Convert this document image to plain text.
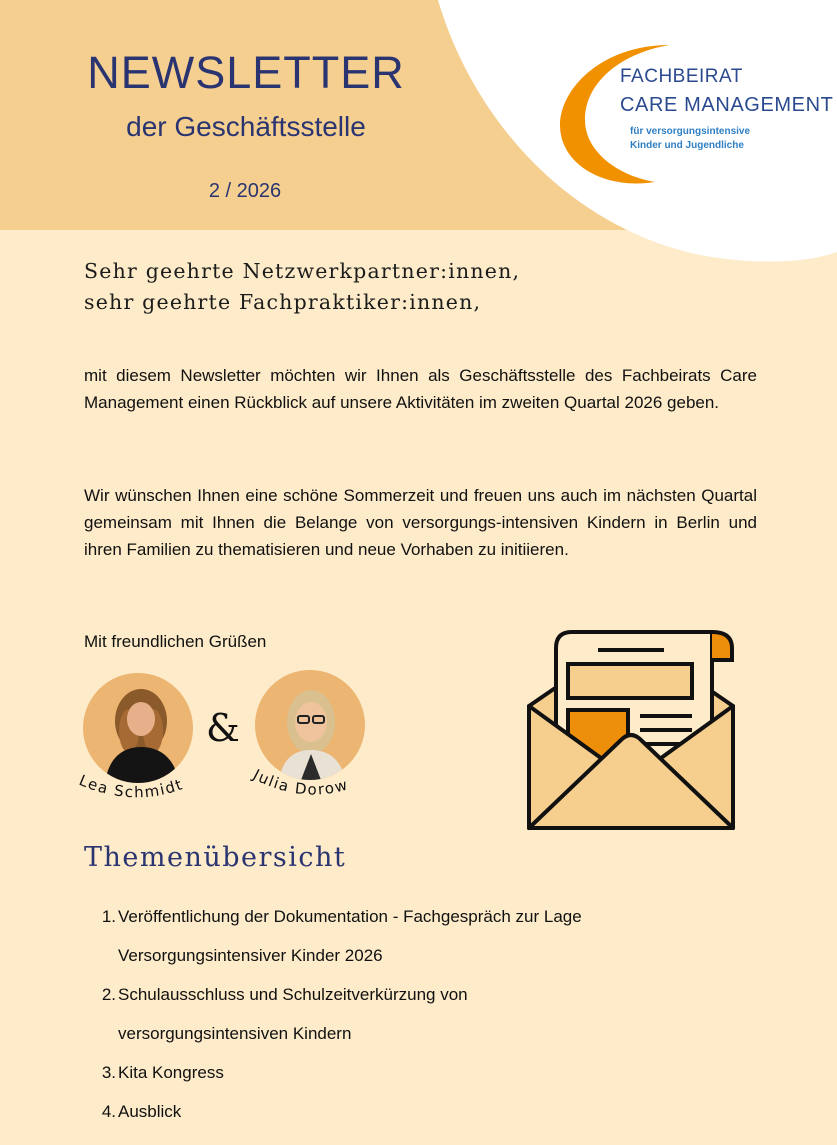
NEWSLETTER
der Geschäftsstelle
2 / 2026
FACHBEIRAT
CARE MANAGEMENT
für versorgungsintensive
Kinder und Jugendliche
Sehr geehrte Netzwerkpartner:innen,
sehr geehrte Fachpraktiker:innen,
mit diesem Newsletter möchten wir Ihnen als Geschäftsstelle des Fachbeirats Care Management einen Rückblick auf unsere Aktivitäten im zweiten Quartal 2026 geben.
Wir wünschen Ihnen eine schöne Sommerzeit und freuen uns auch im nächsten Quartal gemeinsam mit Ihnen die Belange von versorgungs-intensiven Kindern in Berlin und ihren Familien zu thematisieren und neue Vorhaben zu initiieren.
Mit freundlichen Grüßen
&
Lea Schmidt
Julia Dorow
Themenübersicht
1. Veröffentlichung der Dokumentation - Fachgespräch zur Lage
Versorgungsintensiver Kinder 2026
2. Schulausschluss und Schulzeitverkürzung von
versorgungsintensiven Kindern
3. Kita Kongress
4. Ausblick
